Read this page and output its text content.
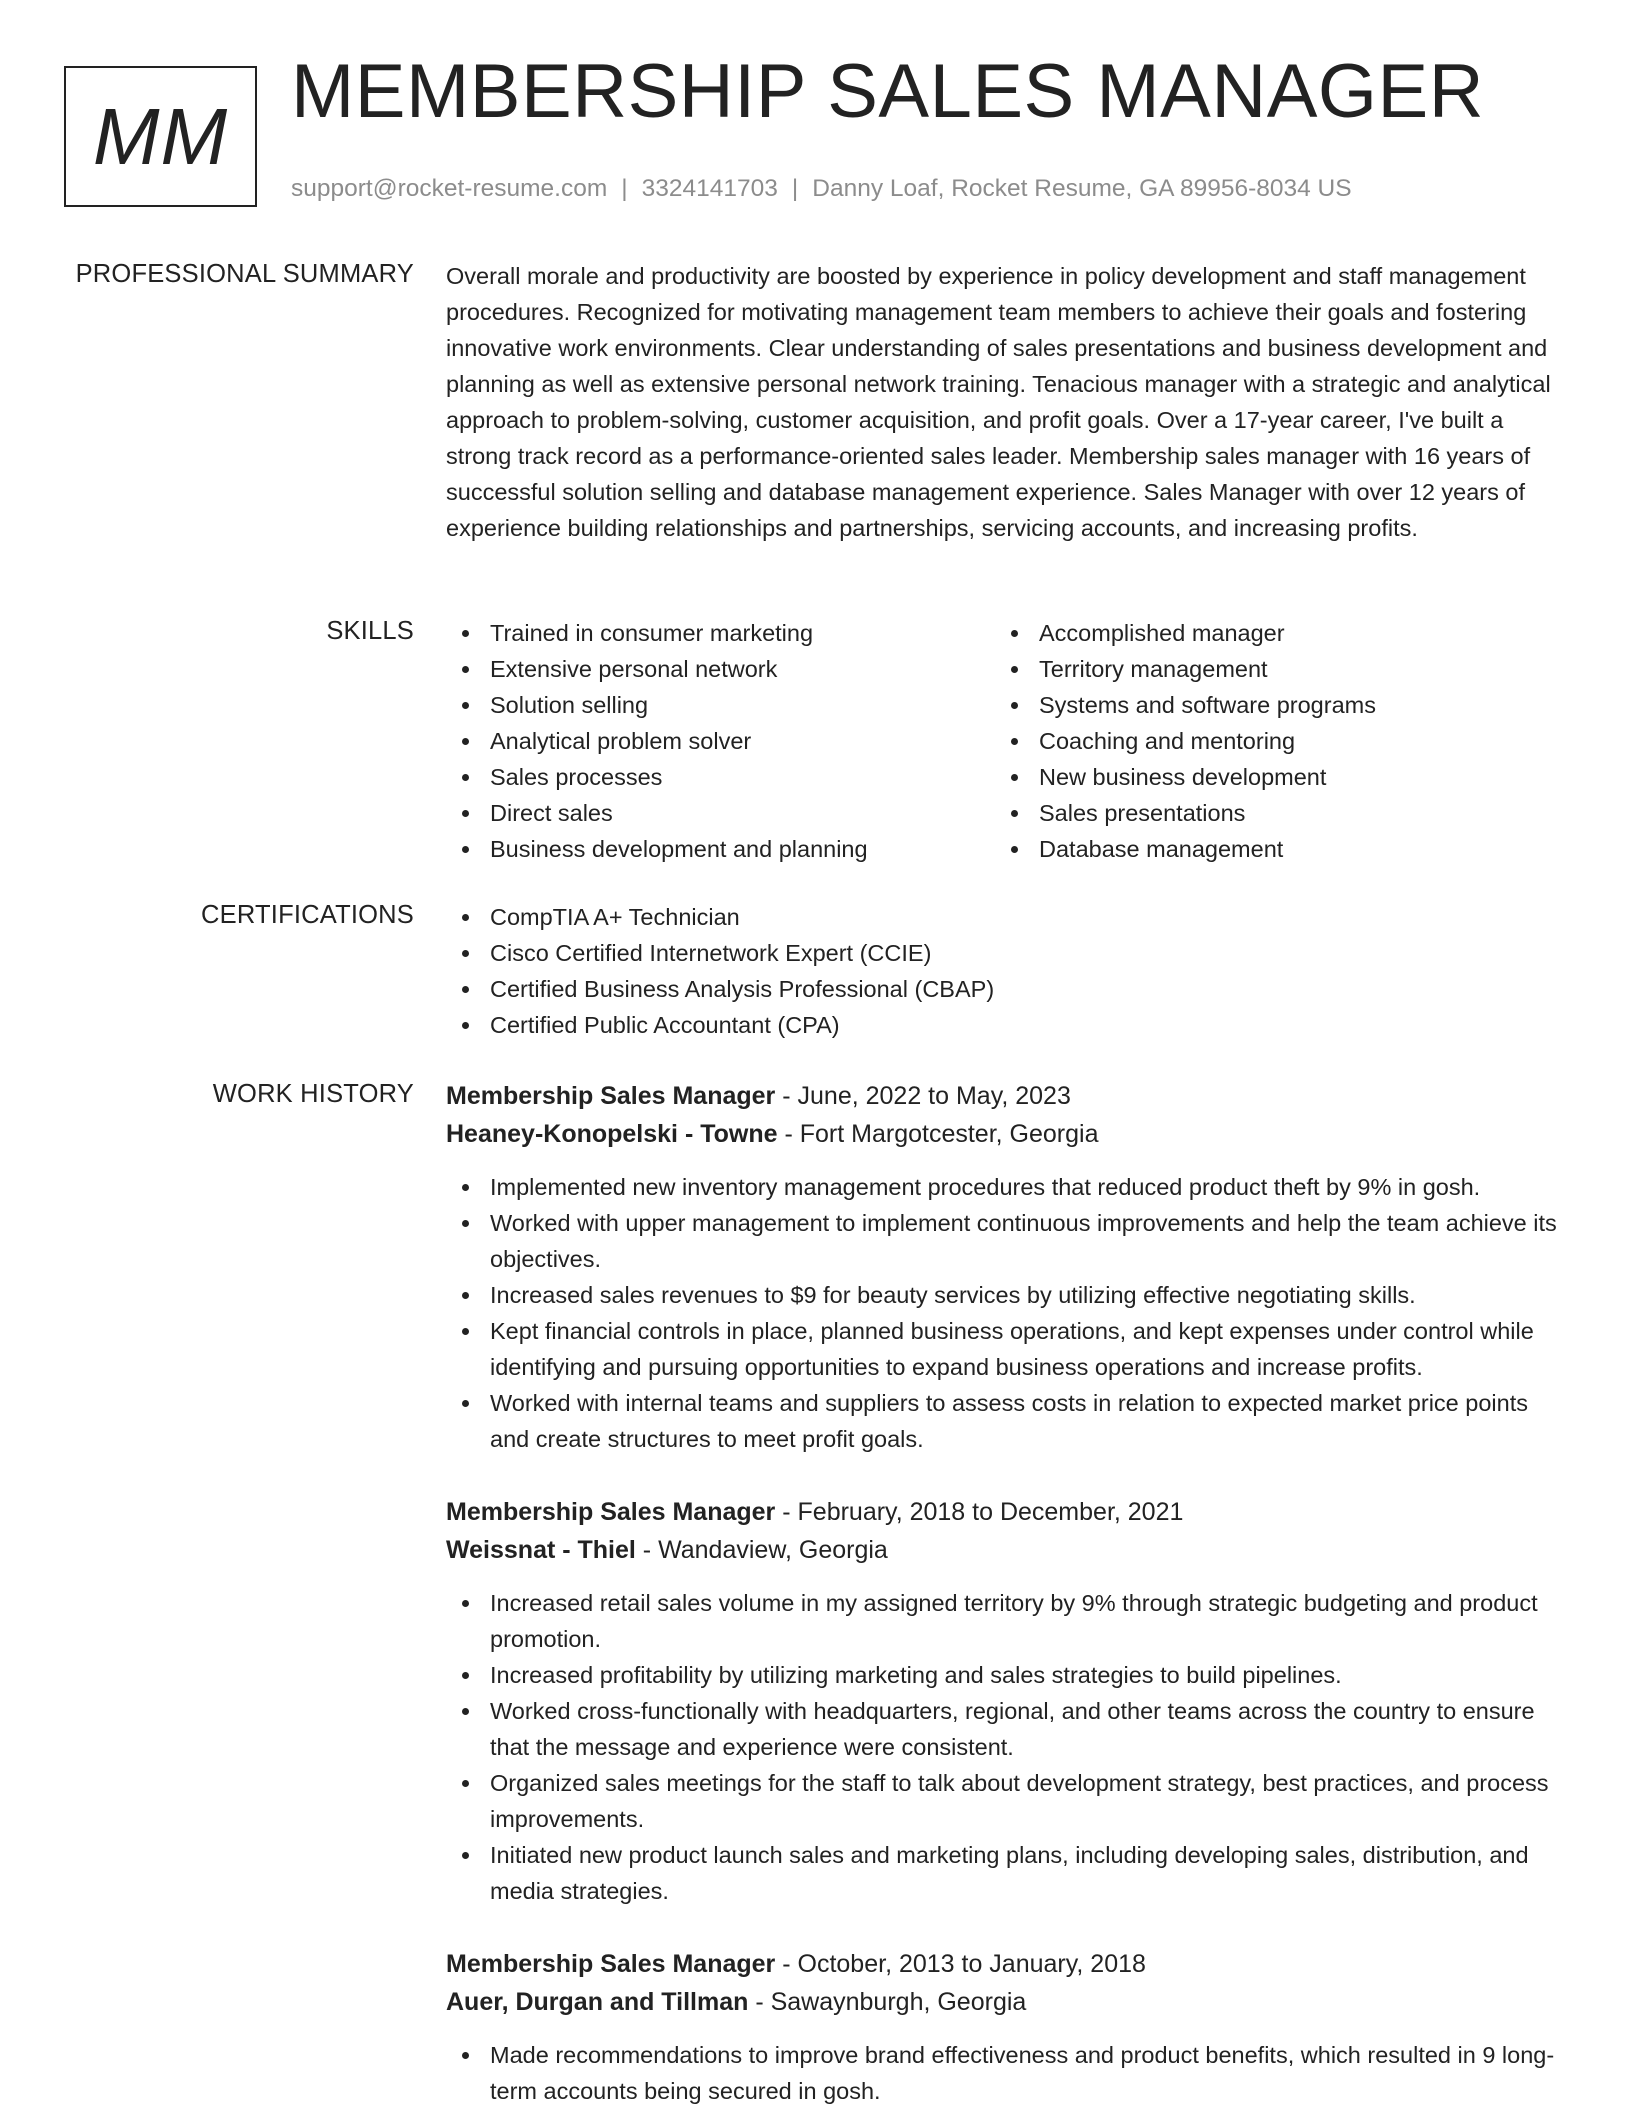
MM MEMBERSHIP SALES MANAGER
support@rocket-resume.com | 3324141703 | Danny Loaf, Rocket Resume, GA 89956-8034 US
PROFESSIONAL SUMMARY Overall morale and productivity are boosted by experience in policy development and staff management procedures. Recognized for motivating management team members to achieve their goals and fostering innovative work environments. Clear understanding of sales presentations and business development and planning as well as extensive personal network training. Tenacious manager with a strategic and analytical approach to problem-solving, customer acquisition, and profit goals. Over a 17-year career, I've built a strong track record as a performance-oriented sales leader. Membership sales manager with 16 years of successful solution selling and database management experience. Sales Manager with over 12 years of experience building relationships and partnerships, servicing accounts, and increasing profits.

SKILLS	Trained in consumer marketing
Extensive personal network
Solution selling
Analytical problem solver
Sales processes
Direct sales
Business development and planning
Accomplished manager
Territory management
Systems and software programs
Coaching and mentoring
New business development
Sales presentations
Database management
CERTIFICATIONS	CompTIA A+ Technician
Cisco Certified Internetwork Expert (CCIE)
Certified Business Analysis Professional (CBAP)
Certified Public Accountant (CPA)
WORK HISTORY Membership Sales Manager - June, 2022 to May, 2023
Heaney-Konopelski - Towne - Fort Margotcester, Georgia
Implemented new inventory management procedures that reduced product theft by 9% in gosh.
Worked with upper management to implement continuous improvements and help the team achieve its objectives.
Increased sales revenues to $9 for beauty services by utilizing effective negotiating skills.
Kept financial controls in place, planned business operations, and kept expenses under control while identifying and pursuing opportunities to expand business operations and increase profits.
Worked with internal teams and suppliers to assess costs in relation to expected market price points and create structures to meet profit goals.
Membership Sales Manager - February, 2018 to December, 2021
Weissnat - Thiel - Wandaview, Georgia
Increased retail sales volume in my assigned territory by 9% through strategic budgeting and product promotion.
Increased profitability by utilizing marketing and sales strategies to build pipelines.
Worked cross-functionally with headquarters, regional, and other teams across the country to ensure that the message and experience were consistent.
Organized sales meetings for the staff to talk about development strategy, best practices, and process improvements.
Initiated new product launch sales and marketing plans, including developing sales, distribution, and media strategies.
Membership Sales Manager - October, 2013 to January, 2018
Auer, Durgan and Tillman - Sawaynburgh, Georgia
Made recommendations to improve brand effectiveness and product benefits, which resulted in 9 long-term accounts being secured in gosh.
